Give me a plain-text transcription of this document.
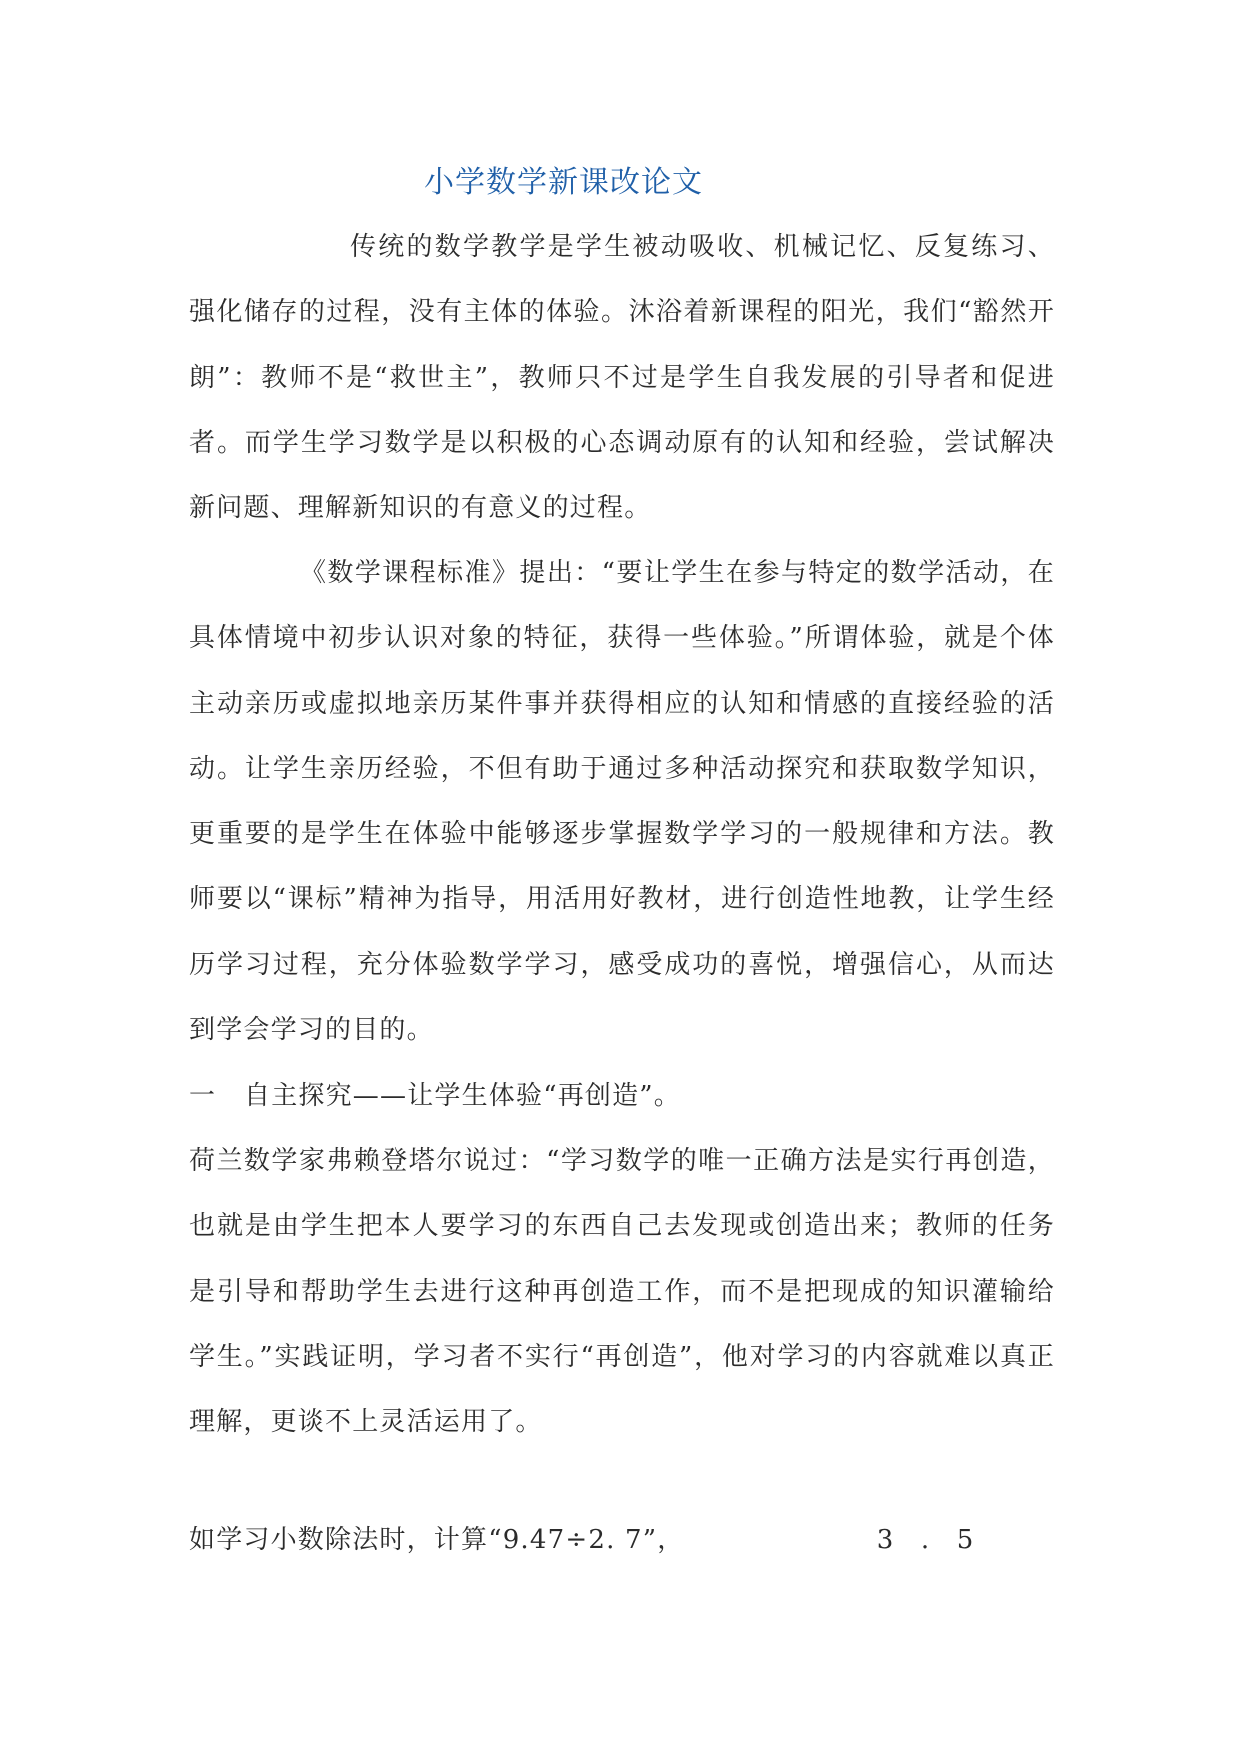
小学数学新课改论文
传统的数学教学是学生被动吸收、机械记忆、反复练习、强化储存的过程，没有主体的体验。沐浴着新课程的阳光，我们“豁然开朗”：教师不是“救世主”，教师只不过是学生自我发展的引导者和促进者。而学生学习数学是以积极的心态调动原有的认知和经验，尝试解决新问题、理解新知识的有意义的过程。
《数学课程标准》提出：“要让学生在参与特定的数学活动，在具体情境中初步认识对象的特征，获得一些体验。”所谓体验，就是个体主动亲历或虚拟地亲历某件事并获得相应的认知和情感的直接经验的活动。让学生亲历经验，不但有助于通过多种活动探究和获取数学知识，更重要的是学生在体验中能够逐步掌握数学学习的一般规律和方法。教师要以“课标”精神为指导，用活用好教材，进行创造性地教，让学生经历学习过程，充分体验数学学习，感受成功的喜悦，增强信心，从而达到学会学习的目的。
一 自主探究——让学生体验“再创造”。
荷兰数学家弗赖登塔尔说过：“学习数学的唯一正确方法是实行再创造，也就是由学生把本人要学习的东西自己去发现或创造出来；教师的任务是引导和帮助学生去进行这种再创造工作，而不是把现成的知识灌输给学生。”实践证明，学习者不实行“再创造”，他对学习的内容就难以真正理解，更谈不上灵活运用了。
如学习小数除法时，计算“9.47÷2. 7”，	3 . 5
